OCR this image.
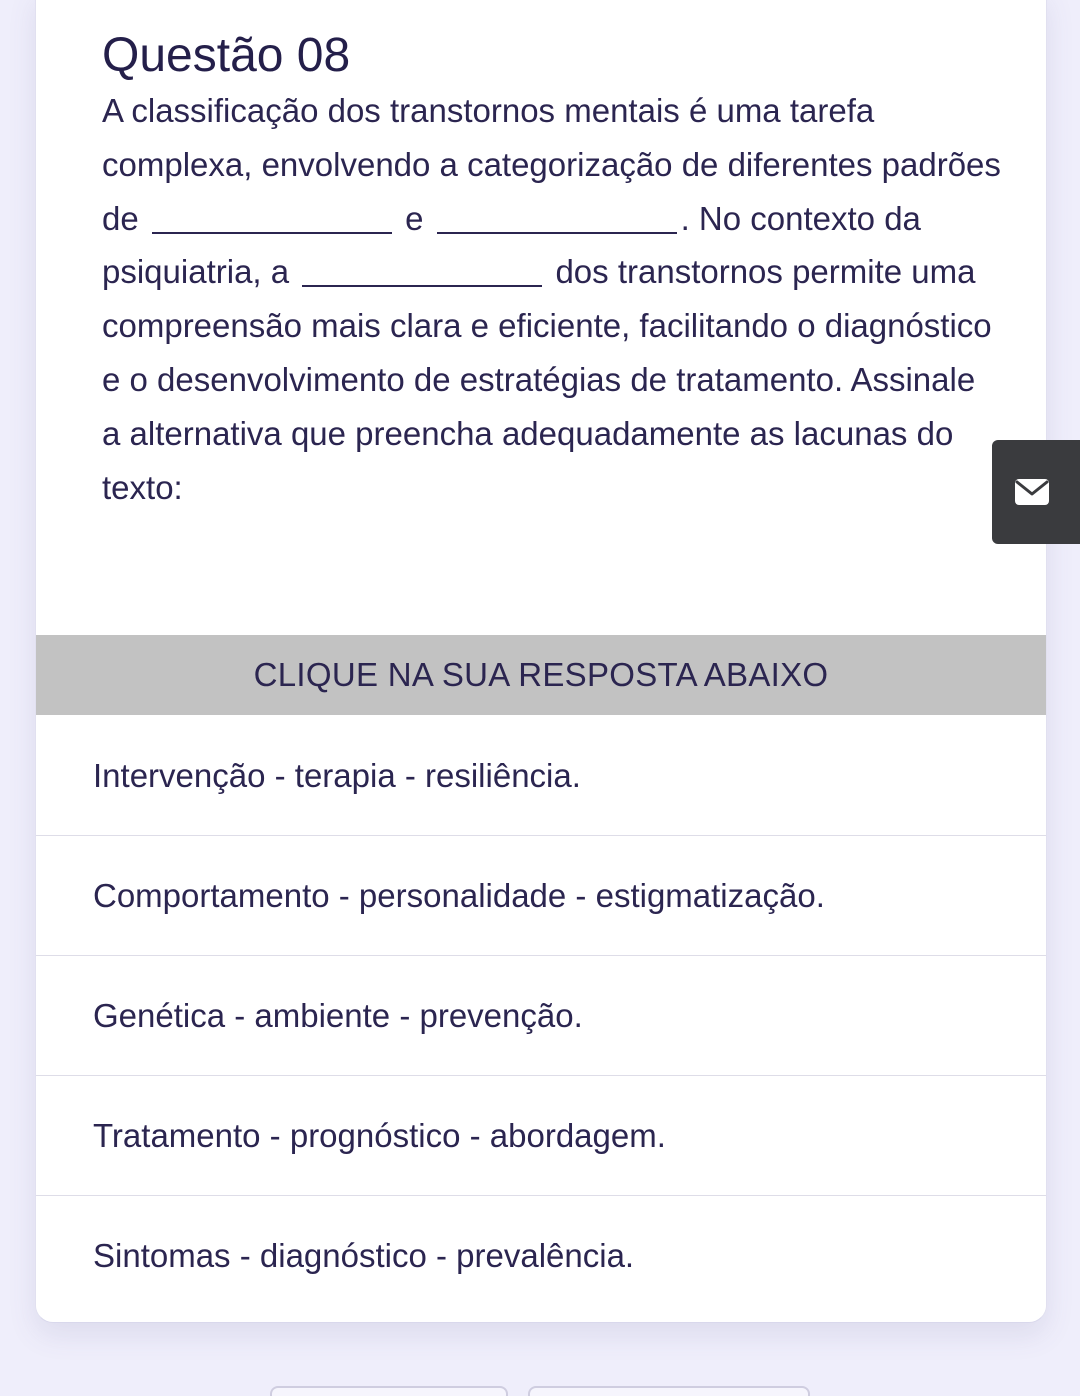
Questão 08

A classificação dos transtornos mentais é uma tarefa complexa, envolvendo a categorização de diferentes padrões de	e	. No contexto da psiquiatria, a	dos transtornos permite uma compreensão mais clara e eficiente, facilitando o diagnóstico e o desenvolvimento de estratégias de tratamento. Assinale a alternativa que preencha adequadamente as lacunas do texto:

CLIQUE NA SUA RESPOSTA ABAIXO
Intervenção - terapia - resiliência.
Comportamento - personalidade - estigmatização.
Genética - ambiente - prevenção.
Tratamento - prognóstico - abordagem.
Sintomas - diagnóstico - prevalência.
